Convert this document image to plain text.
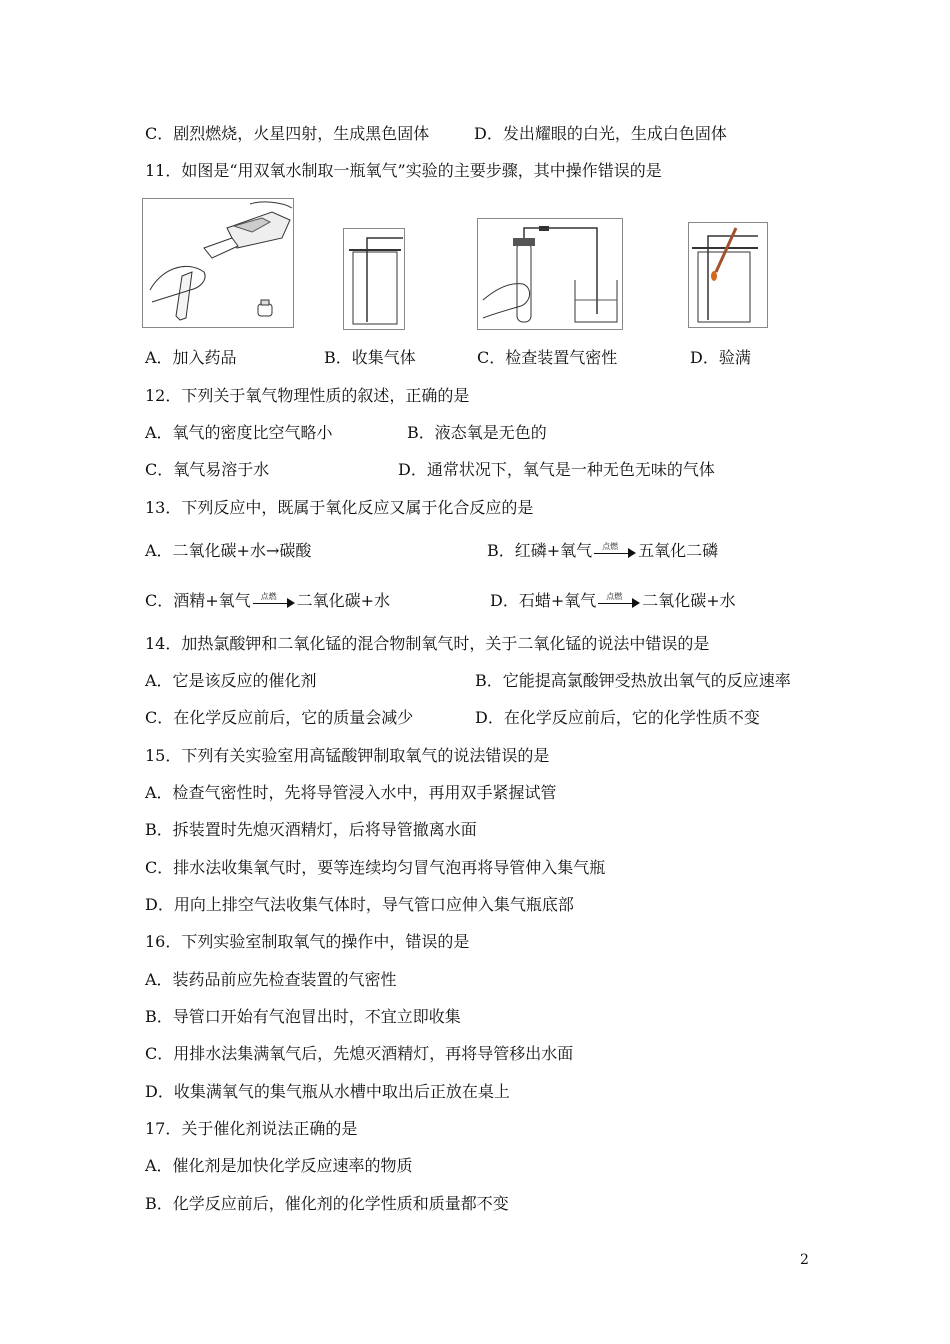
C．剧烈燃烧，火星四射，生成黑色固体	D．发出耀眼的白光，生成白色固体
11．如图是“用双氧水制取一瓶氧气”实验的主要步骤，其中操作错误的是
A．加入药品	B．收集气体	C．检查装置气密性	D．验满
12．下列关于氧气物理性质的叙述，正确的是
A．氧气的密度比空气略小	B．液态氧是无色的
C．氧气易溶于水	D．通常状况下，氧气是一种无色无味的气体
13．下列反应中，既属于氧化反应又属于化合反应的是
A．二氧化碳+水→碳酸	B．红磷+氧气 点燃 五氧化二磷
C．酒精+氧气 点燃 二氧化碳+水	D．石蜡+氧气 点燃 二氧化碳+水
14．加热氯酸钾和二氧化锰的混合物制氧气时，关于二氧化锰的说法中错误的是
A．它是该反应的催化剂	B．它能提高氯酸钾受热放出氧气的反应速率
C．在化学反应前后，它的质量会减少	D．在化学反应前后，它的化学性质不变
15．下列有关实验室用高锰酸钾制取氧气的说法错误的是
A．检查气密性时，先将导管浸入水中，再用双手紧握试管
B．拆装置时先熄灭酒精灯，后将导管撤离水面
C．排水法收集氧气时，要等连续均匀冒气泡再将导管伸入集气瓶
D．用向上排空气法收集气体时，导气管口应伸入集气瓶底部
16．下列实验室制取氧气的操作中，错误的是
A．装药品前应先检查装置的气密性
B．导管口开始有气泡冒出时，不宜立即收集
C．用排水法集满氧气后，先熄灭酒精灯，再将导管移出水面
D．收集满氧气的集气瓶从水槽中取出后正放在桌上
17．关于催化剂说法正确的是
A．催化剂是加快化学反应速率的物质
B．化学反应前后，催化剂的化学性质和质量都不变
2
